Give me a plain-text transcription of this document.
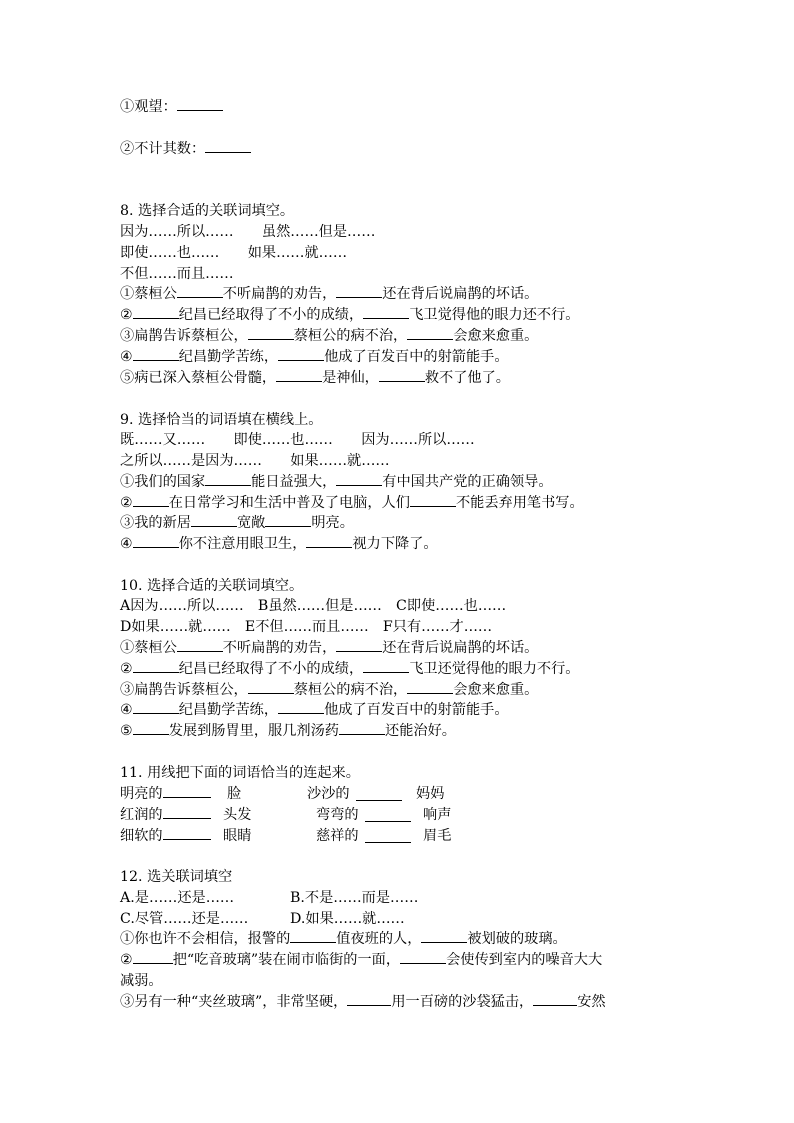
①观望：
②不计其数：
8. 选择合适的关联词填空。
因为……所以……　　虽然……但是……
即使……也……　　如果……就……
不但……而且……
①蔡桓公	不听扁鹊的劝告，	还在背后说扁鹊的坏话。
②	纪昌已经取得了不小的成绩，	飞卫觉得他的眼力还不行。
③扁鹊告诉蔡桓公，	蔡桓公的病不治，	会愈来愈重。
④	纪昌勤学苦练，	他成了百发百中的射箭能手。
⑤病已深入蔡桓公骨髓，	是神仙，	救不了他了。
9. 选择恰当的词语填在横线上。
既……又……　　即使……也……　　因为……所以……
之所以……是因为……　　如果……就……
①我们的国家	能日益强大，	有中国共产党的正确领导。
②	在日常学习和生活中普及了电脑，人们	不能丢弃用笔书写。
③我的新居	宽敞	明亮。
④	你不注意用眼卫生，	视力下降了。
10. 选择合适的关联词填空。
A因为……所以……　B虽然……但是……　C即使……也……
D如果……就……　E不但……而且……　F只有……才……
①蔡桓公	不听扁鹊的劝告，	还在背后说扁鹊的坏话。
②	纪昌已经取得了不小的成绩，	飞卫还觉得他的眼力不行。
③扁鹊告诉蔡桓公，	蔡桓公的病不治，	会愈来愈重。
④	纪昌勤学苦练，	他成了百发百中的射箭能手。
⑤	发展到肠胃里，服几剂汤药	还能治好。
11. 用线把下面的词语恰当的连起来。
明亮的	脸	沙沙的	妈妈
红润的	头发	弯弯的	响声
细软的	眼睛	慈祥的	眉毛
12. 选关联词填空
A.是……还是……	B.不是……而是……
C.尽管……还是……	D.如果……就……
①你也许不会相信，报警的	值夜班的人，	被划破的玻璃。
②	把“吃音玻璃”装在闹市临街的一面，	会使传到室内的噪音大大
减弱。
③另有一种“夹丝玻璃”，非常坚硬，	用一百磅的沙袋猛击，	安然
